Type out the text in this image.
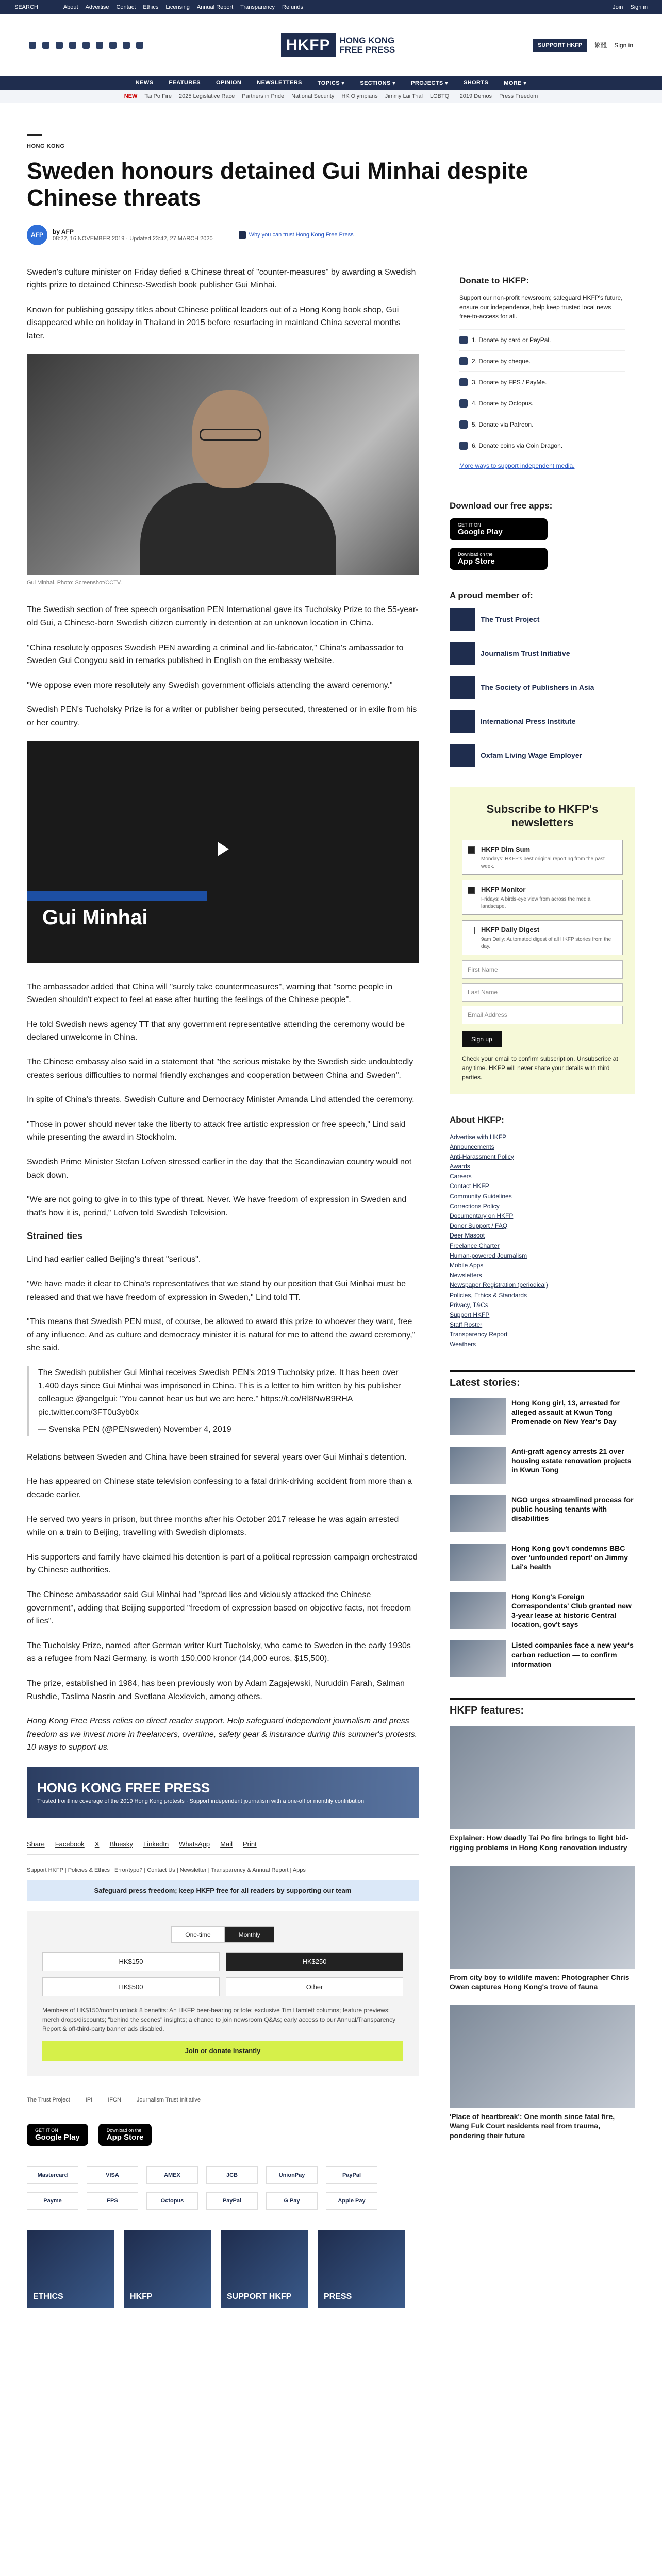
SEARCH	About Advertise Contact Ethics Licensing Annual Report Transparency Refunds	Join Sign in
HKFP	HONG KONG
FREE PRESS	SUPPORT HKFP	繁體 Sign in
NEWS	FEATURES	OPINION	NEWSLETTERS	TOPICS ▾	SECTIONS ▾	PROJECTS ▾	SHORTS	MORE ▾
NEW Tai Po Fire 2025 Legislative Race Partners in Pride National Security HK Olympians Jimmy Lai Trial LGBTQ+ 2019 Demos Press Freedom
HONG KONG
Sweden honours detained Gui Minhai despite Chinese threats
AFP	by AFP
08:22, 16 NOVEMBER 2019 · Updated 23:42, 27 MARCH 2020
Why you can trust Hong Kong Free Press

Sweden's culture minister on Friday defied a Chinese threat of "counter-measures" by awarding a Swedish rights prize to detained Chinese-Swedish book publisher Gui Minhai.

Known for publishing gossipy titles about Chinese political leaders out of a Hong Kong book shop, Gui disappeared while on holiday in Thailand in 2015 before resurfacing in mainland China several months later.

Gui Minhai. Photo: Screenshot/CCTV.

The Swedish section of free speech organisation PEN International gave its Tucholsky Prize to the 55-year-old Gui, a Chinese-born Swedish citizen currently in detention at an unknown location in China.

"China resolutely opposes Swedish PEN awarding a criminal and lie-fabricator," China's ambassador to Sweden Gui Congyou said in remarks published in English on the embassy website.

"We oppose even more resolutely any Swedish government officials attending the award ceremony."

Swedish PEN's Tucholsky Prize is for a writer or publisher being persecuted, threatened or in exile from his or her country.

Gui Minhai

The ambassador added that China will "surely take countermeasures", warning that "some people in Sweden shouldn't expect to feel at ease after hurting the feelings of the Chinese people".

He told Swedish news agency TT that any government representative attending the ceremony would be declared unwelcome in China.

The Chinese embassy also said in a statement that "the serious mistake by the Swedish side undoubtedly creates serious difficulties to normal friendly exchanges and cooperation between China and Sweden".

In spite of China's threats, Swedish Culture and Democracy Minister Amanda Lind attended the ceremony.

"Those in power should never take the liberty to attack free artistic expression or free speech," Lind said while presenting the award in Stockholm.

Swedish Prime Minister Stefan Lofven stressed earlier in the day that the Scandinavian country would not back down.

"We are not going to give in to this type of threat. Never. We have freedom of expression in Sweden and that's how it is, period," Lofven told Swedish Television.

Strained ties

Lind had earlier called Beijing's threat "serious".

"We have made it clear to China's representatives that we stand by our position that Gui Minhai must be released and that we have freedom of expression in Sweden," Lind told TT.

"This means that Swedish PEN must, of course, be allowed to award this prize to whoever they want, free of any influence. And as culture and democracy minister it is natural for me to attend the award ceremony," she said.

The Swedish publisher Gui Minhai receives Swedish PEN's 2019 Tucholsky prize. It has been over 1,400 days since Gui Minhai was imprisoned in China. This is a letter to him written by his publisher colleague @angelgui: "You cannot hear us but we are here." https://t.co/Rl8NwB9RHA pic.twitter.com/3FT0u3yb0x

— Svenska PEN (@PENsweden) November 4, 2019

Relations between Sweden and China have been strained for several years over Gui Minhai's detention.

He has appeared on Chinese state television confessing to a fatal drink-driving accident from more than a decade earlier.

He served two years in prison, but three months after his October 2017 release he was again arrested while on a train to Beijing, travelling with Swedish diplomats.

His supporters and family have claimed his detention is part of a political repression campaign orchestrated by Chinese authorities.

The Chinese ambassador said Gui Minhai had "spread lies and viciously attacked the Chinese government", adding that Beijing supported "freedom of expression based on objective facts, not freedom of lies".

The Tucholsky Prize, named after German writer Kurt Tucholsky, who came to Sweden in the early 1930s as a refugee from Nazi Germany, is worth 150,000 kronor (14,000 euros, $15,500).

The prize, established in 1984, has been previously won by Adam Zagajewski, Nuruddin Farah, Salman Rushdie, Taslima Nasrin and Svetlana Alexievich, among others.

Hong Kong Free Press relies on direct reader support. Help safeguard independent journalism and press freedom as we invest more in freelancers, overtime, safety gear & insurance during this summer's protests. 10 ways to support us.

HONG KONG FREE PRESS
Trusted frontline coverage of the 2019 Hong Kong protests · Support independent journalism with a one-off or monthly contribution
Share Facebook X Bluesky LinkedIn WhatsApp Mail Print
Support HKFP | Policies & Ethics | Error/typo? | Contact Us | Newsletter | Transparency & Annual Report | Apps
Safeguard press freedom; keep HKFP free for all readers by supporting our team
One-time	Monthly
HK$150	HK$250
HK$500	Other
Members of HK$150/month unlock 8 benefits: An HKFP beer-bearing or tote; exclusive Tim Hamlett columns; feature previews; merch drops/discounts; "behind the scenes" insights; a chance to join newsroom Q&As; early access to our Annual/Transparency Report & off-third-party banner ads disabled.
Join or donate instantly
The Trust Project	IPI	IFCN	Journalism Trust Initiative
GET IT ON
Google Play
Download on the
App Store
Mastercard	VISA	AMEX	JCB	UnionPay	PayPal
Payme	FPS	Octopus	PayPal	G Pay	Apple Pay
ETHICS	HKFP	SUPPORT HKFP	PRESS
Donate to HKFP:

Support our non-profit newsroom; safeguard HKFP's future, ensure our independence, help keep trusted local news free-to-access for all.

1. Donate by card or PayPal.
2. Donate by cheque.
3. Donate by FPS / PayMe.
4. Donate by Octopus.
5. Donate via Patreon.
6. Donate coins via Coin Dragon.

More ways to support independent media.

Download our free apps:
GET IT ON
Google Play
Download on the
App Store
A proud member of:
The Trust Project
Journalism Trust Initiative
The Society of Publishers in Asia
International Press Institute
Oxfam Living Wage Employer
Subscribe to HKFP's newsletters
HKFP Dim Sum
Mondays: HKFP's best original reporting from the past week.
HKFP Monitor
Fridays: A birds-eye view from across the media landscape.
HKFP Daily Digest
9am Daily: Automated digest of all HKFP stories from the day.
First Name
Last Name
Email Address
Sign up
Check your email to confirm subscription. Unsubscribe at any time. HKFP will never share your details with third parties.
About HKFP:
Advertise with HKFP
Announcements
Anti-Harassment Policy
Awards
Careers
Contact HKFP
Community Guidelines
Corrections Policy
Documentary on HKFP
Donor Support / FAQ
Deer Mascot
Freelance Charter
Human-powered Journalism
Mobile Apps
Newsletters
Newspaper Registration (periodical)
Policies, Ethics & Standards
Privacy, T&Cs
Support HKFP
Staff Roster
Transparency Report
Weathers
Latest stories:
Hong Kong girl, 13, arrested for alleged assault at Kwun Tong Promenade on New Year's Day
Anti-graft agency arrests 21 over housing estate renovation projects in Kwun Tong
NGO urges streamlined process for public housing tenants with disabilities
Hong Kong gov't condemns BBC over 'unfounded report' on Jimmy Lai's health
Hong Kong's Foreign Correspondents' Club granted new 3-year lease at historic Central location, gov't says
Listed companies face a new year's carbon reduction — to confirm information
HKFP features:
Explainer: How deadly Tai Po fire brings to light bid-rigging problems in Hong Kong renovation industry
From city boy to wildlife maven: Photographer Chris Owen captures Hong Kong's trove of fauna
'Place of heartbreak': One month since fatal fire, Wang Fuk Court residents reel from trauma, pondering their future
